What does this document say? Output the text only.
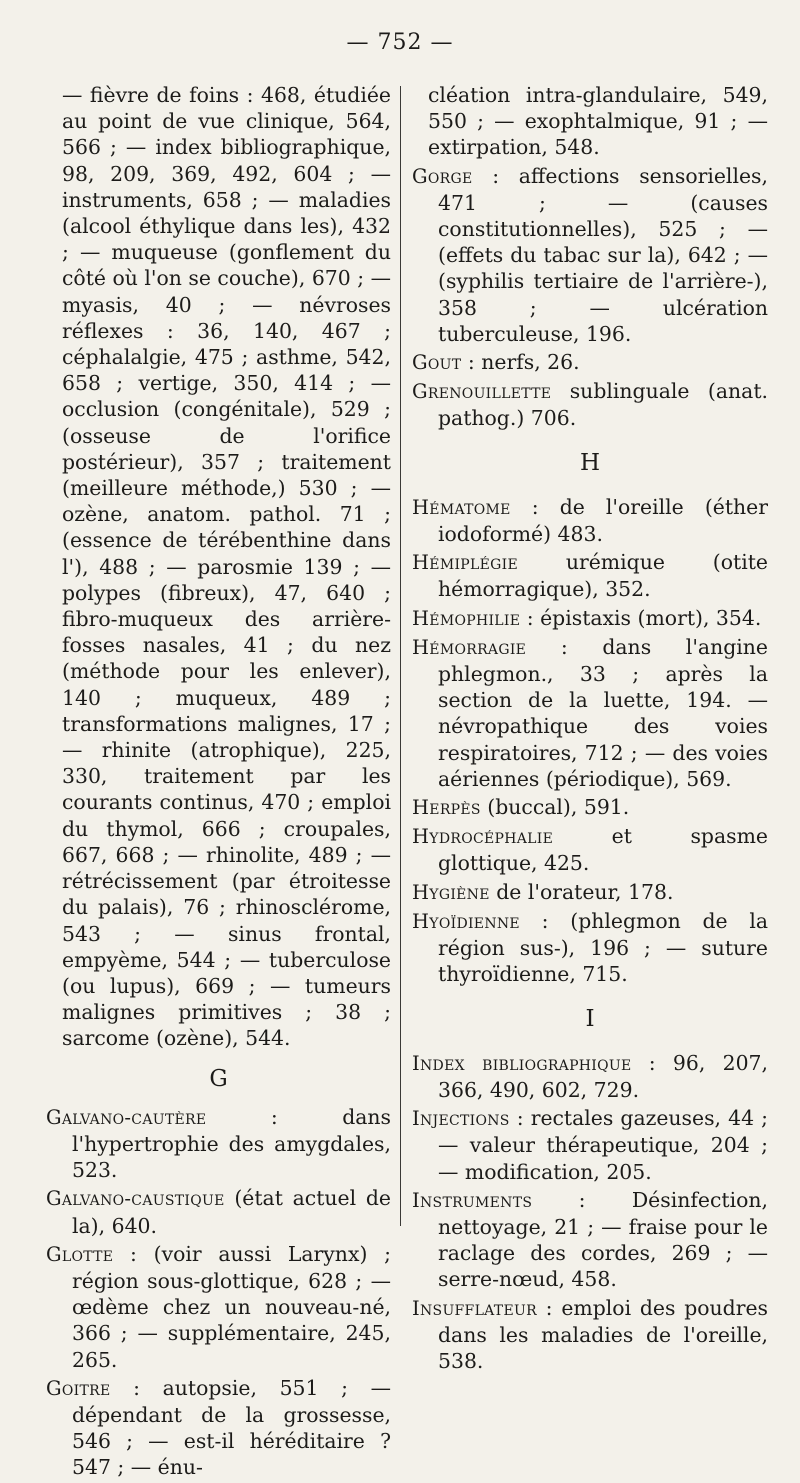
— 752 —

— fièvre de foins : 468, étudiée au point de vue clinique, 564, 566 ; — index bibliographique, 98, 209, 369, 492, 604 ; — instruments, 658 ; — maladies (alcool éthylique dans les), 432 ; — muqueuse (gonflement du côté où l'on se couche), 670 ; — myasis, 40 ; — névroses réflexes : 36, 140, 467 ; céphalalgie, 475 ; asthme, 542, 658 ; vertige, 350, 414 ; — occlusion (congénitale), 529 ; (osseuse de l'orifice postérieur), 357 ; traitement (meilleure méthode,) 530 ; — ozène, anatom. pathol. 71 ; (essence de térébenthine dans l'), 488 ; — parosmie 139 ; — polypes (fibreux), 47, 640 ; fibro-muqueux des arrière-fosses nasales, 41 ; du nez (méthode pour les enlever), 140 ; muqueux, 489 ; transformations malignes, 17 ; — rhinite (atrophique), 225, 330, traitement par les courants continus, 470 ; emploi du thymol, 666 ; croupales, 667, 668 ; — rhinolite, 489 ; — rétrécissement (par étroitesse du palais), 76 ; rhinosclérome, 543 ; — sinus frontal, empyème, 544 ; — tuberculose (ou lupus), 669 ; — tumeurs malignes primitives ; 38 ; sarcome (ozène), 544.

G

Galvano-cautère : dans l'hypertrophie des amygdales, 523.

Galvano-caustique (état actuel de la), 640.

Glotte : (voir aussi Larynx) ; région sous-glottique, 628 ; — œdème chez un nouveau-né, 366 ; — supplémentaire, 245, 265.

Goitre : autopsie, 551 ; — dépendant de la grossesse, 546 ; — est-il héréditaire ? 547 ; — énu-

cléation intra-glandulaire, 549, 550 ; — exophtalmique, 91 ; — extirpation, 548.

Gorge : affections sensorielles, 471 ; — (causes constitutionnelles), 525 ; — (effets du tabac sur la), 642 ; — (syphilis tertiaire de l'arrière-), 358 ; — ulcération tuberculeuse, 196.

Gout : nerfs, 26.

Grenouillette sublinguale (anat. pathog.) 706.

H

Hématome : de l'oreille (éther iodoformé) 483.

Hémiplégie urémique (otite hémorragique), 352.

Hémophilie : épistaxis (mort), 354.

Hémorragie : dans l'angine phlegmon., 33 ; après la section de la luette, 194. — névropathique des voies respiratoires, 712 ; — des voies aériennes (périodique), 569.

Herpès (buccal), 591.

Hydrocéphalie et spasme glottique, 425.

Hygiène de l'orateur, 178.

Hyoïdienne : (phlegmon de la région sus-), 196 ; — suture thyroïdienne, 715.

I

Index bibliographique : 96, 207, 366, 490, 602, 729.

Injections : rectales gazeuses, 44 ; — valeur thérapeutique, 204 ; — modification, 205.

Instruments : Désinfection, nettoyage, 21 ; — fraise pour le raclage des cordes, 269 ; — serre-nœud, 458.

Insufflateur : emploi des poudres dans les maladies de l'oreille, 538.
